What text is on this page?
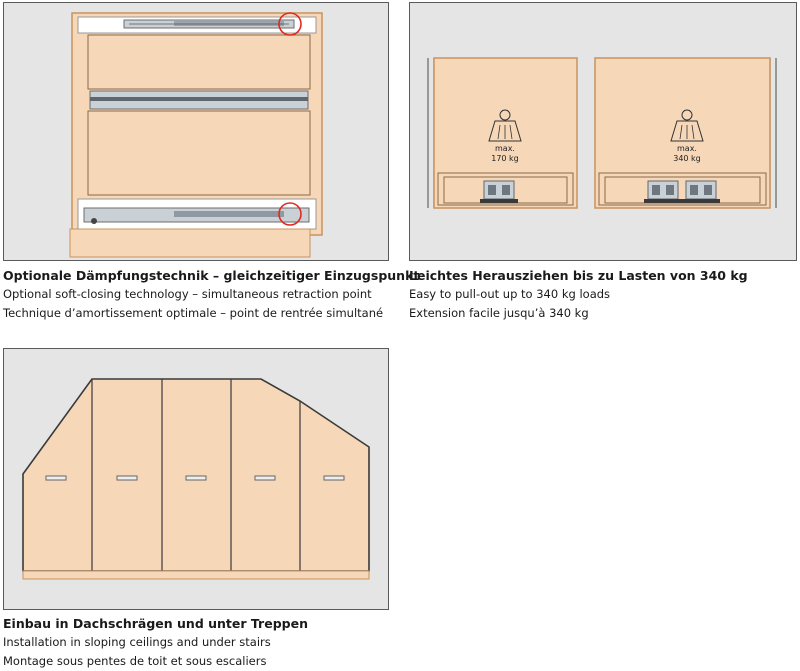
Optionale Dämpfungstechnik – gleichzeitiger Einzugspunkt
Optional soft-closing technology – simultaneous retraction point
Technique d’amortissement optimale – point de rentrée simultané
max.
170 kg
max.
340 kg
Leichtes Herausziehen bis zu Lasten von 340 kg
Easy to pull-out up to 340 kg loads
Extension facile jusqu’à 340 kg
Einbau in Dachschrägen und unter Treppen
Installation in sloping ceilings and under stairs
Montage sous pentes de toit et sous escaliers
